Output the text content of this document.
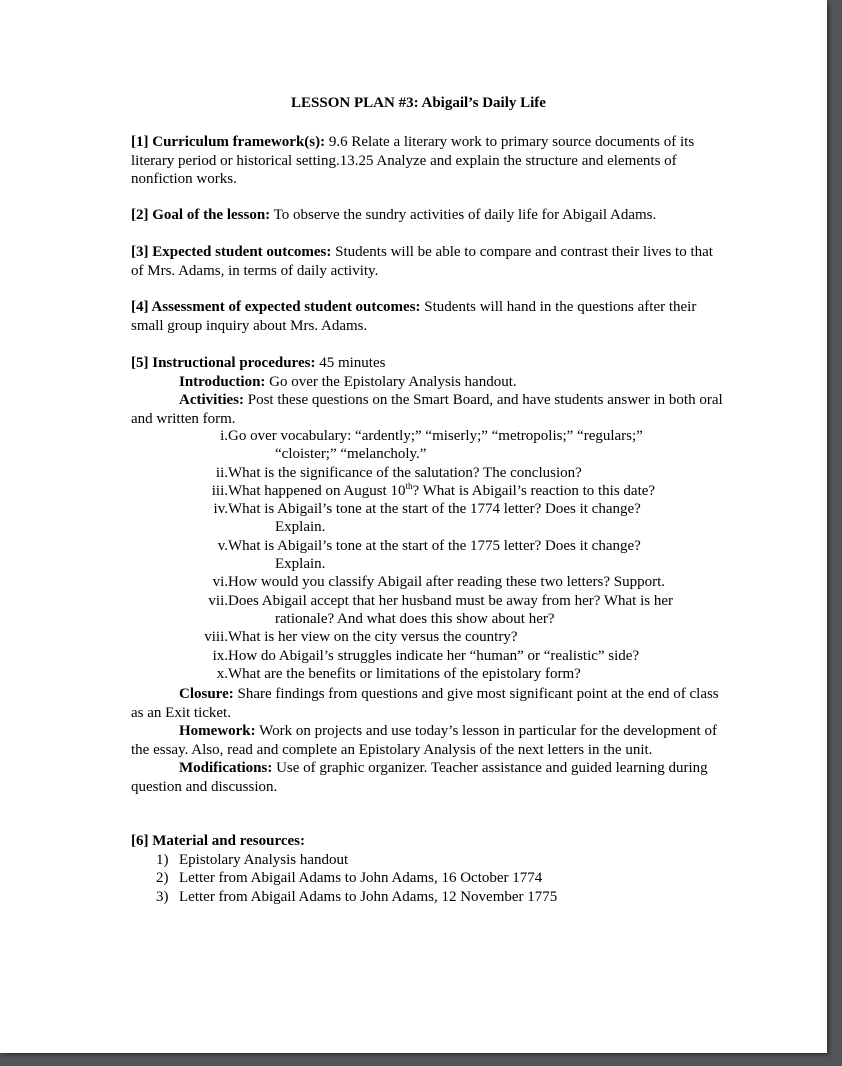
LESSON PLAN #3: Abigail’s Daily Life
[1] Curriculum framework(s): 9.6 Relate a literary work to primary source documents of its literary period or historical setting.13.25 Analyze and explain the structure and elements of nonfiction works.
[2] Goal of the lesson: To observe the sundry activities of daily life for Abigail Adams.
[3] Expected student outcomes: Students will be able to compare and contrast their lives to that of Mrs. Adams, in terms of daily activity.
[4] Assessment of expected student outcomes: Students will hand in the questions after their small group inquiry about Mrs. Adams.
[5] Instructional procedures: 45 minutes
Introduction: Go over the Epistolary Analysis handout.
Activities: Post these questions on the Smart Board, and have students answer in both oral and written form.
i.Go over vocabulary: “ardently;” “miserly;” “metropolis;” “regulars;”
“cloister;” “melancholy.”
ii.What is the significance of the salutation? The conclusion?
iii.What happened on August 10th? What is Abigail’s reaction to this date?
iv.What is Abigail’s tone at the start of the 1774 letter? Does it change?
Explain.
v.What is Abigail’s tone at the start of the 1775 letter? Does it change?
Explain.
vi.How would you classify Abigail after reading these two letters? Support.
vii.Does Abigail accept that her husband must be away from her? What is her
rationale? And what does this show about her?
viii.What is her view on the city versus the country?
ix.How do Abigail’s struggles indicate her “human” or “realistic” side?
x.What are the benefits or limitations of the epistolary form?
Closure: Share findings from questions and give most significant point at the end of class as an Exit ticket.
Homework: Work on projects and use today’s lesson in particular for the development of the essay. Also, read and complete an Epistolary Analysis of the next letters in the unit.
Modifications: Use of graphic organizer. Teacher assistance and guided learning during question and discussion.
[6] Material and resources:
1) Epistolary Analysis handout
2) Letter from Abigail Adams to John Adams, 16 October 1774
3) Letter from Abigail Adams to John Adams, 12 November 1775
